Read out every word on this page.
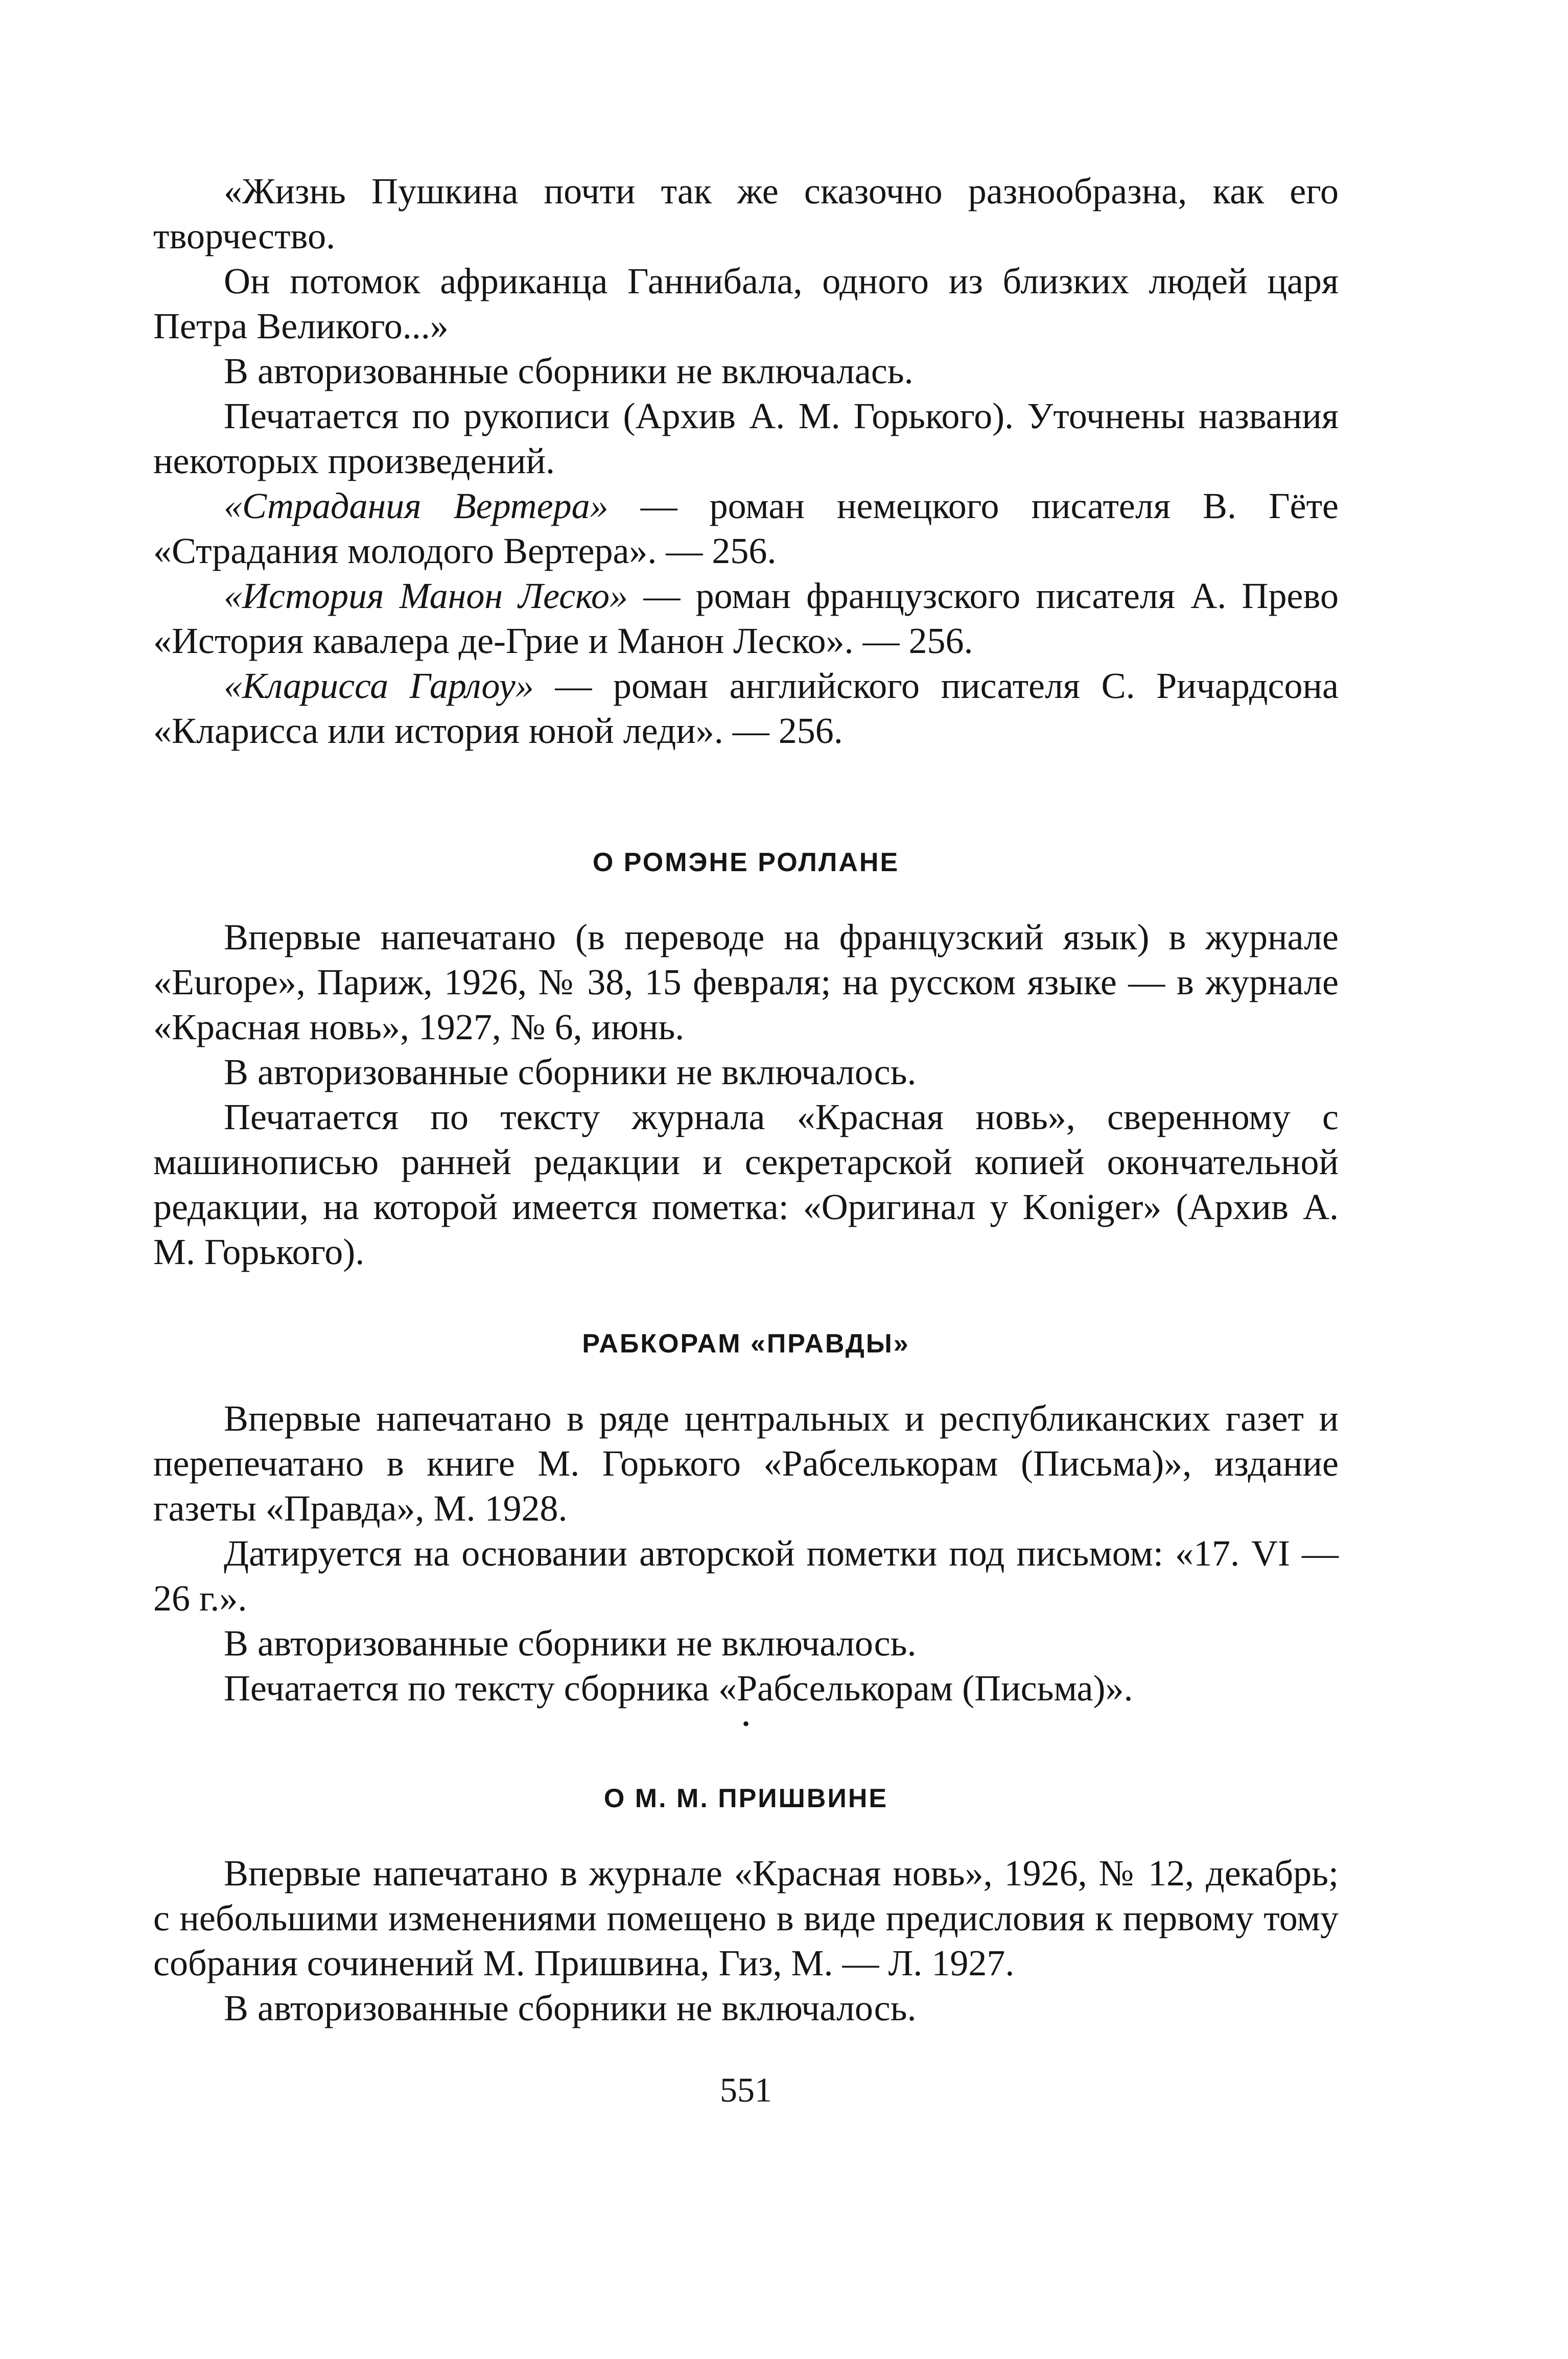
«Жизнь Пушкина почти так же сказочно разнообразна, как его творчество.

Он потомок африканца Ганнибала, одного из близких людей царя Петра Великого...»

В авторизованные сборники не включалась.

Печатается по рукописи (Архив А. М. Горького). Уточнены названия некоторых произведений.

«Страдания Вертера» — роман немецкого писателя В. Гёте «Страдания молодого Вертера». — 256.

«История Манон Леско» — роман французского писателя А. Прево «История кавалера де-Грие и Манон Леско». — 256.

«Кларисса Гарлоу» — роман английского писателя С. Ричардсона «Кларисса или история юной леди». — 256.

О РОМЭНЕ РОЛЛАНЕ

Впервые напечатано (в переводе на французский язык) в журнале «Europe», Париж, 1926, № 38, 15 февраля; на русском языке — в журнале «Красная новь», 1927, № 6, июнь.

В авторизованные сборники не включалось.

Печатается по тексту журнала «Красная новь», сверенному с машинописью ранней редакции и секретарской копией окончательной редакции, на которой имеется пометка: «Оригинал у Koniger» (Архив А. М. Горького).

РАБКОРАМ «ПРАВДЫ»

Впервые напечатано в ряде центральных и республиканских газет и перепечатано в книге М. Горького «Рабселькорам (Письма)», издание газеты «Правда», М. 1928.

Датируется на основании авторской пометки под письмом: «17. VI — 26 г.».

В авторизованные сборники не включалось.

Печатается по тексту сборника «Рабселькорам (Письма)».

•
О М. М. ПРИШВИНЕ

Впервые напечатано в журнале «Красная новь», 1926, № 12, декабрь; с небольшими изменениями помещено в виде предисловия к первому тому собрания сочинений М. Пришвина, Гиз, М. — Л. 1927.

В авторизованные сборники не включалось.

551
